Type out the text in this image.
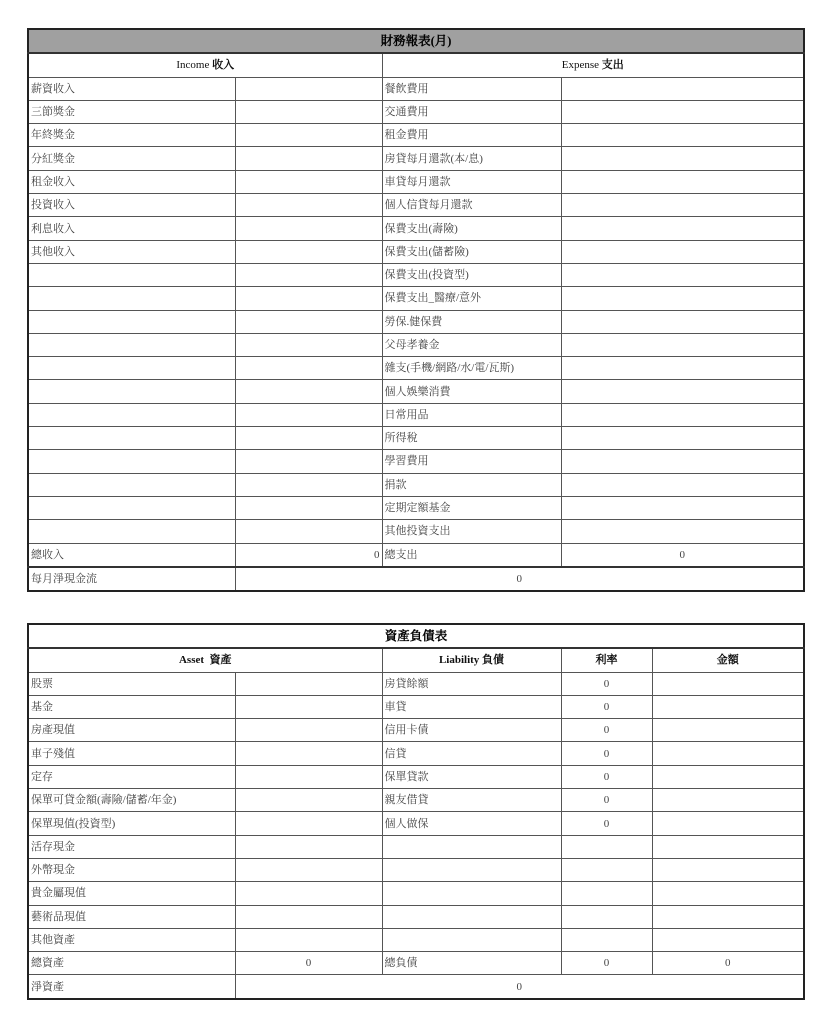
財務報表(月)			
Income 收入		Expense 支出	
薪資收入		餐飲費用	
三節獎金		交通費用	
年終獎金		租金費用	
分紅獎金		房貸每月還款(本/息)	
租金收入		車貸每月還款	
投資收入		個人信貸每月還款	
利息收入		保費支出(壽險)	
其他收入		保費支出(儲蓄險)	
		保費支出(投資型)	
		保費支出_醫療/意外	
		勞保.健保費	
		父母孝養金	
		雜支(手機/網路/水/電/瓦斯)	
		個人娛樂消費	
		日常用品	
		所得稅	
		學習費用	
		捐款	
		定期定額基金	
		其他投資支出	
總收入	0	總支出	0
每月淨現金流	0		
資產負債表				
Asset 資產		Liability 負債	利率	金額
股票		房貸餘額	0	
基金		車貸	0	
房產現值		信用卡債	0	
車子殘值		信貸	0	
定存		保單貸款	0	
保單可貸金額(壽險/儲蓄/年金)		親友借貸	0	
保單現值(投資型)		個人做保	0	
活存現金				
外幣現金				
貴金屬現值				
藝術品現值				
其他資產				
總資產	0	總負債	0	0
淨資產	0			
